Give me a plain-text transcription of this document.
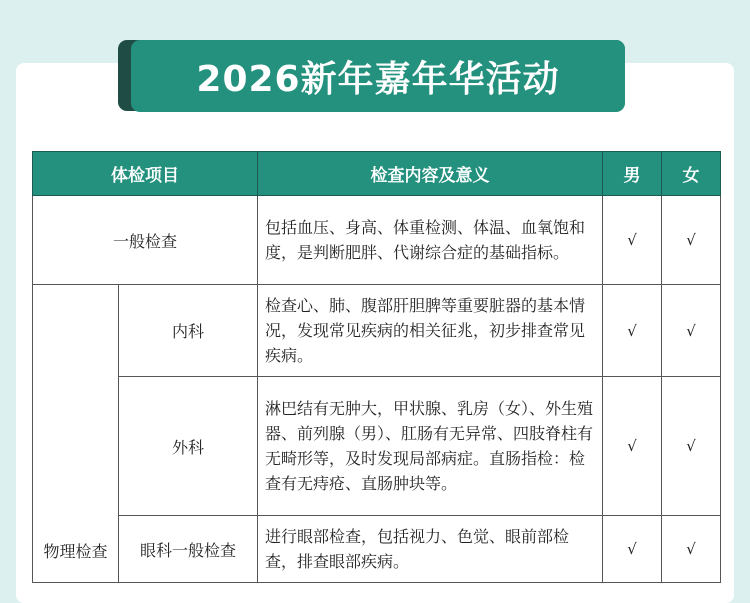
2026新年嘉年华活动
体检项目		检查内容及意义	男	女
一般检查		包括血压、身高、体重检测、体温、血氧饱和度，是判断肥胖、代谢综合症的基础指标。	√	√
物理检查	内科	检查心、肺、腹部肝胆脾等重要脏器的基本情况，发现常见疾病的相关征兆，初步排查常见疾病。	√	√
	外科	淋巴结有无肿大，甲状腺、乳房（女）、外生殖器、前列腺（男）、肛肠有无异常、四肢脊柱有无畸形等，及时发现局部病症。直肠指检：检查有无痔疮、直肠肿块等。	√	√
	眼科一般检查	进行眼部检查，包括视力、色觉、眼前部检查，排查眼部疾病。	√	√
